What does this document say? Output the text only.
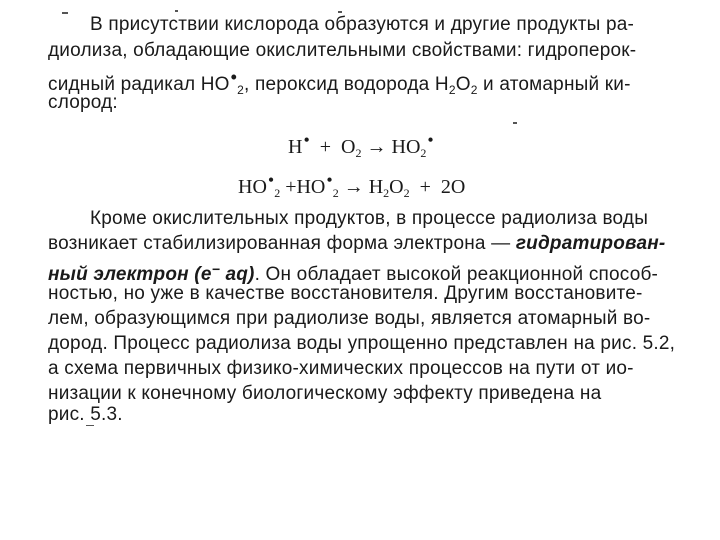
В присутствии кислорода образуются и другие продукты ра-
диолиза, обладающие окислительными свойствами: гидроперок-
сидный радикал $НО•_2$, пероксид водорода $Н_2О_2$ и атомарный ки-
слород:
Н• + $О_2$ → $НО_2•$
$НО•_2$ $+НО•_2 \to Н_2О_2 + 2О$
Кроме окислительных продуктов, в процессе радиолиза воды
возникает стабилизированная форма электрона — гидратирован-
ный электрон (е− aq). Он обладает высокой реакционной способ-
ностью, но уже в качестве восстановителя. Другим восстановите-
лем, образующимся при радиолизе воды, является атомарный во-
дород. Процесс радиолиза воды упрощенно представлен на рис. 5.2,
а схема первичных физико-химических процессов на пути от ио-
низации к конечному биологическому эффекту приведена на
рис. 5.3.
